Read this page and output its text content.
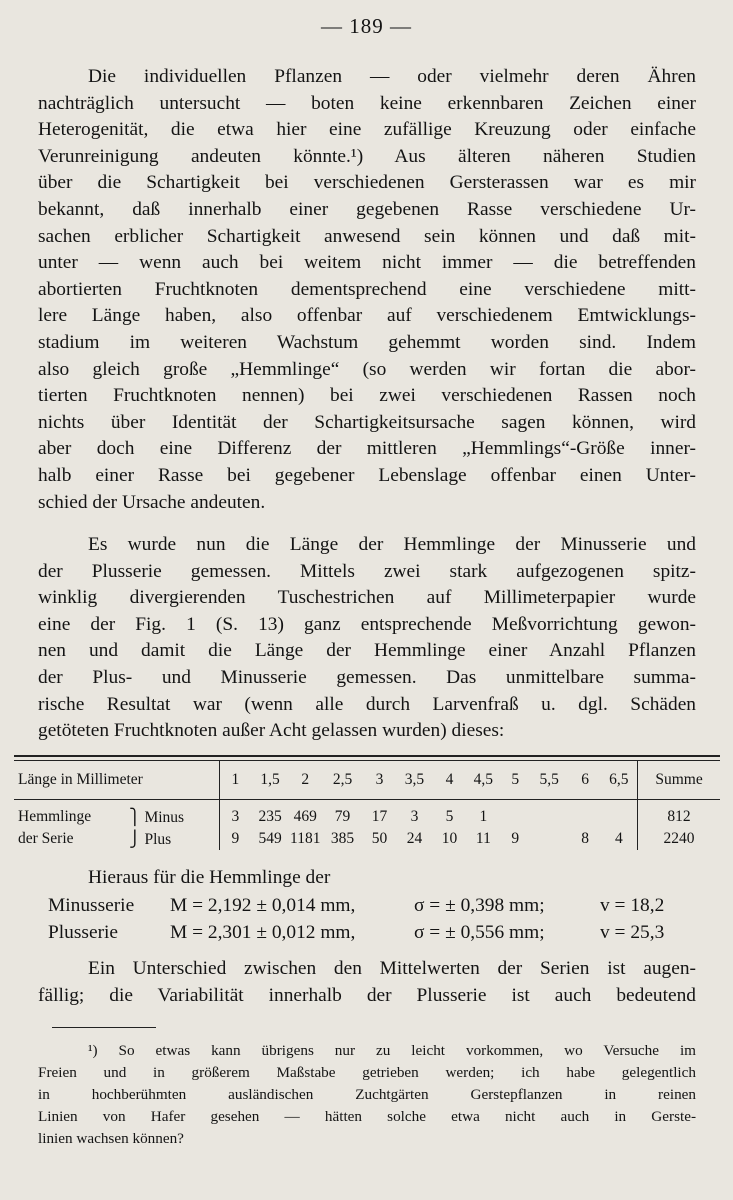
— 189 —
Die individuellen Pflanzen — oder vielmehr deren Ähren
nachträglich untersucht — boten keine erkennbaren Zeichen einer
Heterogenität, die etwa hier eine zufällige Kreuzung oder einfache
Verunreinigung andeuten könnte.¹) Aus älteren näheren Studien
über die Schartigkeit bei verschiedenen Gersterassen war es mir
bekannt, daß innerhalb einer gegebenen Rasse verschiedene Ur-
sachen erblicher Schartigkeit anwesend sein können und daß mit-
unter — wenn auch bei weitem nicht immer — die betreffenden
abortierten Fruchtknoten dementsprechend eine verschiedene mitt-
lere Länge haben, also offenbar auf verschiedenem Emtwicklungs-
stadium im weiteren Wachstum gehemmt worden sind. Indem
also gleich große „Hemmlinge“ (so werden wir fortan die abor-
tierten Fruchtknoten nennen) bei zwei verschiedenen Rassen noch
nichts über Identität der Schartigkeitsursache sagen können, wird
aber doch eine Differenz der mittleren „Hemmlings“-Größe inner-
halb einer Rasse bei gegebener Lebenslage offenbar einen Unter-
schied der Ursache andeuten.
Es wurde nun die Länge der Hemmlinge der Minusserie und
der Plusserie gemessen. Mittels zwei stark aufgezogenen spitz-
winklig divergierenden Tuschestrichen auf Millimeterpapier wurde
eine der Fig. 1 (S. 13) ganz entsprechende Meßvorrichtung gewon-
nen und damit die Länge der Hemmlinge einer Anzahl Pflanzen
der Plus- und Minusserie gemessen. Das unmittelbare summa-
rische Resultat war (wenn alle durch Larvenfraß u. dgl. Schäden
getöteten Fruchtknoten außer Acht gelassen wurden) dieses:
Länge in Millimeter		1	1,5	2	2,5	3	3,5	4	4,5	5	5,5	6	6,5	Summe

Hemmlinge	⎫ Minus	3	235	469	79	17	3	5	1					812
der Serie	⎭ Plus	9	549	1181	385	50	24	10	11	9		8	4	2240
Hieraus für die Hemmlinge der
Minusserie M = 2,192 ± 0,014 mm,	σ = ± 0,398 mm;	v = 18,2
Plusserie	M = 2,301 ± 0,012 mm,	σ = ± 0,556 mm;	v = 25,3
Ein Unterschied zwischen den Mittelwerten der Serien ist augen-
fällig; die Variabilität innerhalb der Plusserie ist auch bedeutend
¹) So etwas kann übrigens nur zu leicht vorkommen, wo Versuche im
Freien und in größerem Maßstabe getrieben werden; ich habe gelegentlich
in hochberühmten ausländischen Zuchtgärten Gerstepflanzen in reinen
Linien von Hafer gesehen — hätten solche etwa nicht auch in Gerste-
linien wachsen können?
